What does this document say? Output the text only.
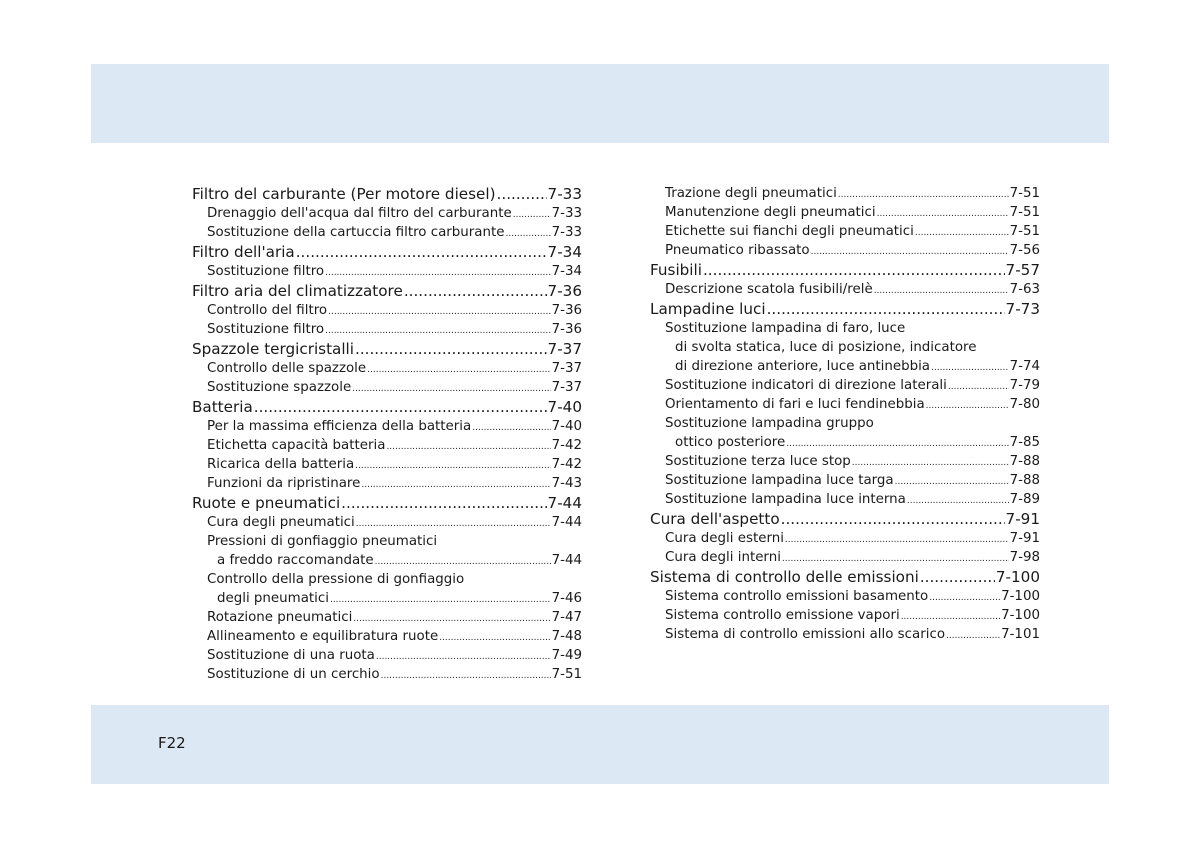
Filtro del carburante (Per motore diesel) .....	7-33
Drenaggio dell'acqua dal filtro del carburante .....	7-33
Sostituzione della cartuccia filtro carburante .....	7-33
Filtro dell'aria .....	7-34
Sostituzione filtro .....	7-34
Filtro aria del climatizzatore .....	7-36
Controllo del filtro .....	7-36
Sostituzione filtro .....	7-36
Spazzole tergicristalli .....	7-37
Controllo delle spazzole .....	7-37
Sostituzione spazzole .....	7-37
Batteria .....	7-40
Per la massima efficienza della batteria .....	7-40
Etichetta capacità batteria .....	7-42
Ricarica della batteria .....	7-42
Funzioni da ripristinare .....	7-43
Ruote e pneumatici .....	7-44
Cura degli pneumatici .....	7-44
Pressioni di gonfiaggio pneumatici
a freddo raccomandate .....	7-44
Controllo della pressione di gonfiaggio
degli pneumatici .....	7-46
Rotazione pneumatici .....	7-47
Allineamento e equilibratura ruote .....	7-48
Sostituzione di una ruota .....	7-49
Sostituzione di un cerchio .....	7-51
Trazione degli pneumatici .....	7-51
Manutenzione degli pneumatici .....	7-51
Etichette sui fianchi degli pneumatici .....	7-51
Pneumatico ribassato .....	7-56
Fusibili .....	7-57
Descrizione scatola fusibili/relè .....	7-63
Lampadine luci .....	7-73
Sostituzione lampadina di faro, luce
di svolta statica, luce di posizione, indicatore
di direzione anteriore, luce antinebbia .....	7-74
Sostituzione indicatori di direzione laterali .....	7-79
Orientamento di fari e luci fendinebbia .....	7-80
Sostituzione lampadina gruppo
ottico posteriore .....	7-85
Sostituzione terza luce stop .....	7-88
Sostituzione lampadina luce targa .....	7-88
Sostituzione lampadina luce interna .....	7-89
Cura dell'aspetto .....	7-91
Cura degli esterni .....	7-91
Cura degli interni .....	7-98
Sistema di controllo delle emissioni .....	7-100
Sistema controllo emissioni basamento .....	7-100
Sistema controllo emissione vapori .....	7-100
Sistema di controllo emissioni allo scarico .....	7-101
F22
